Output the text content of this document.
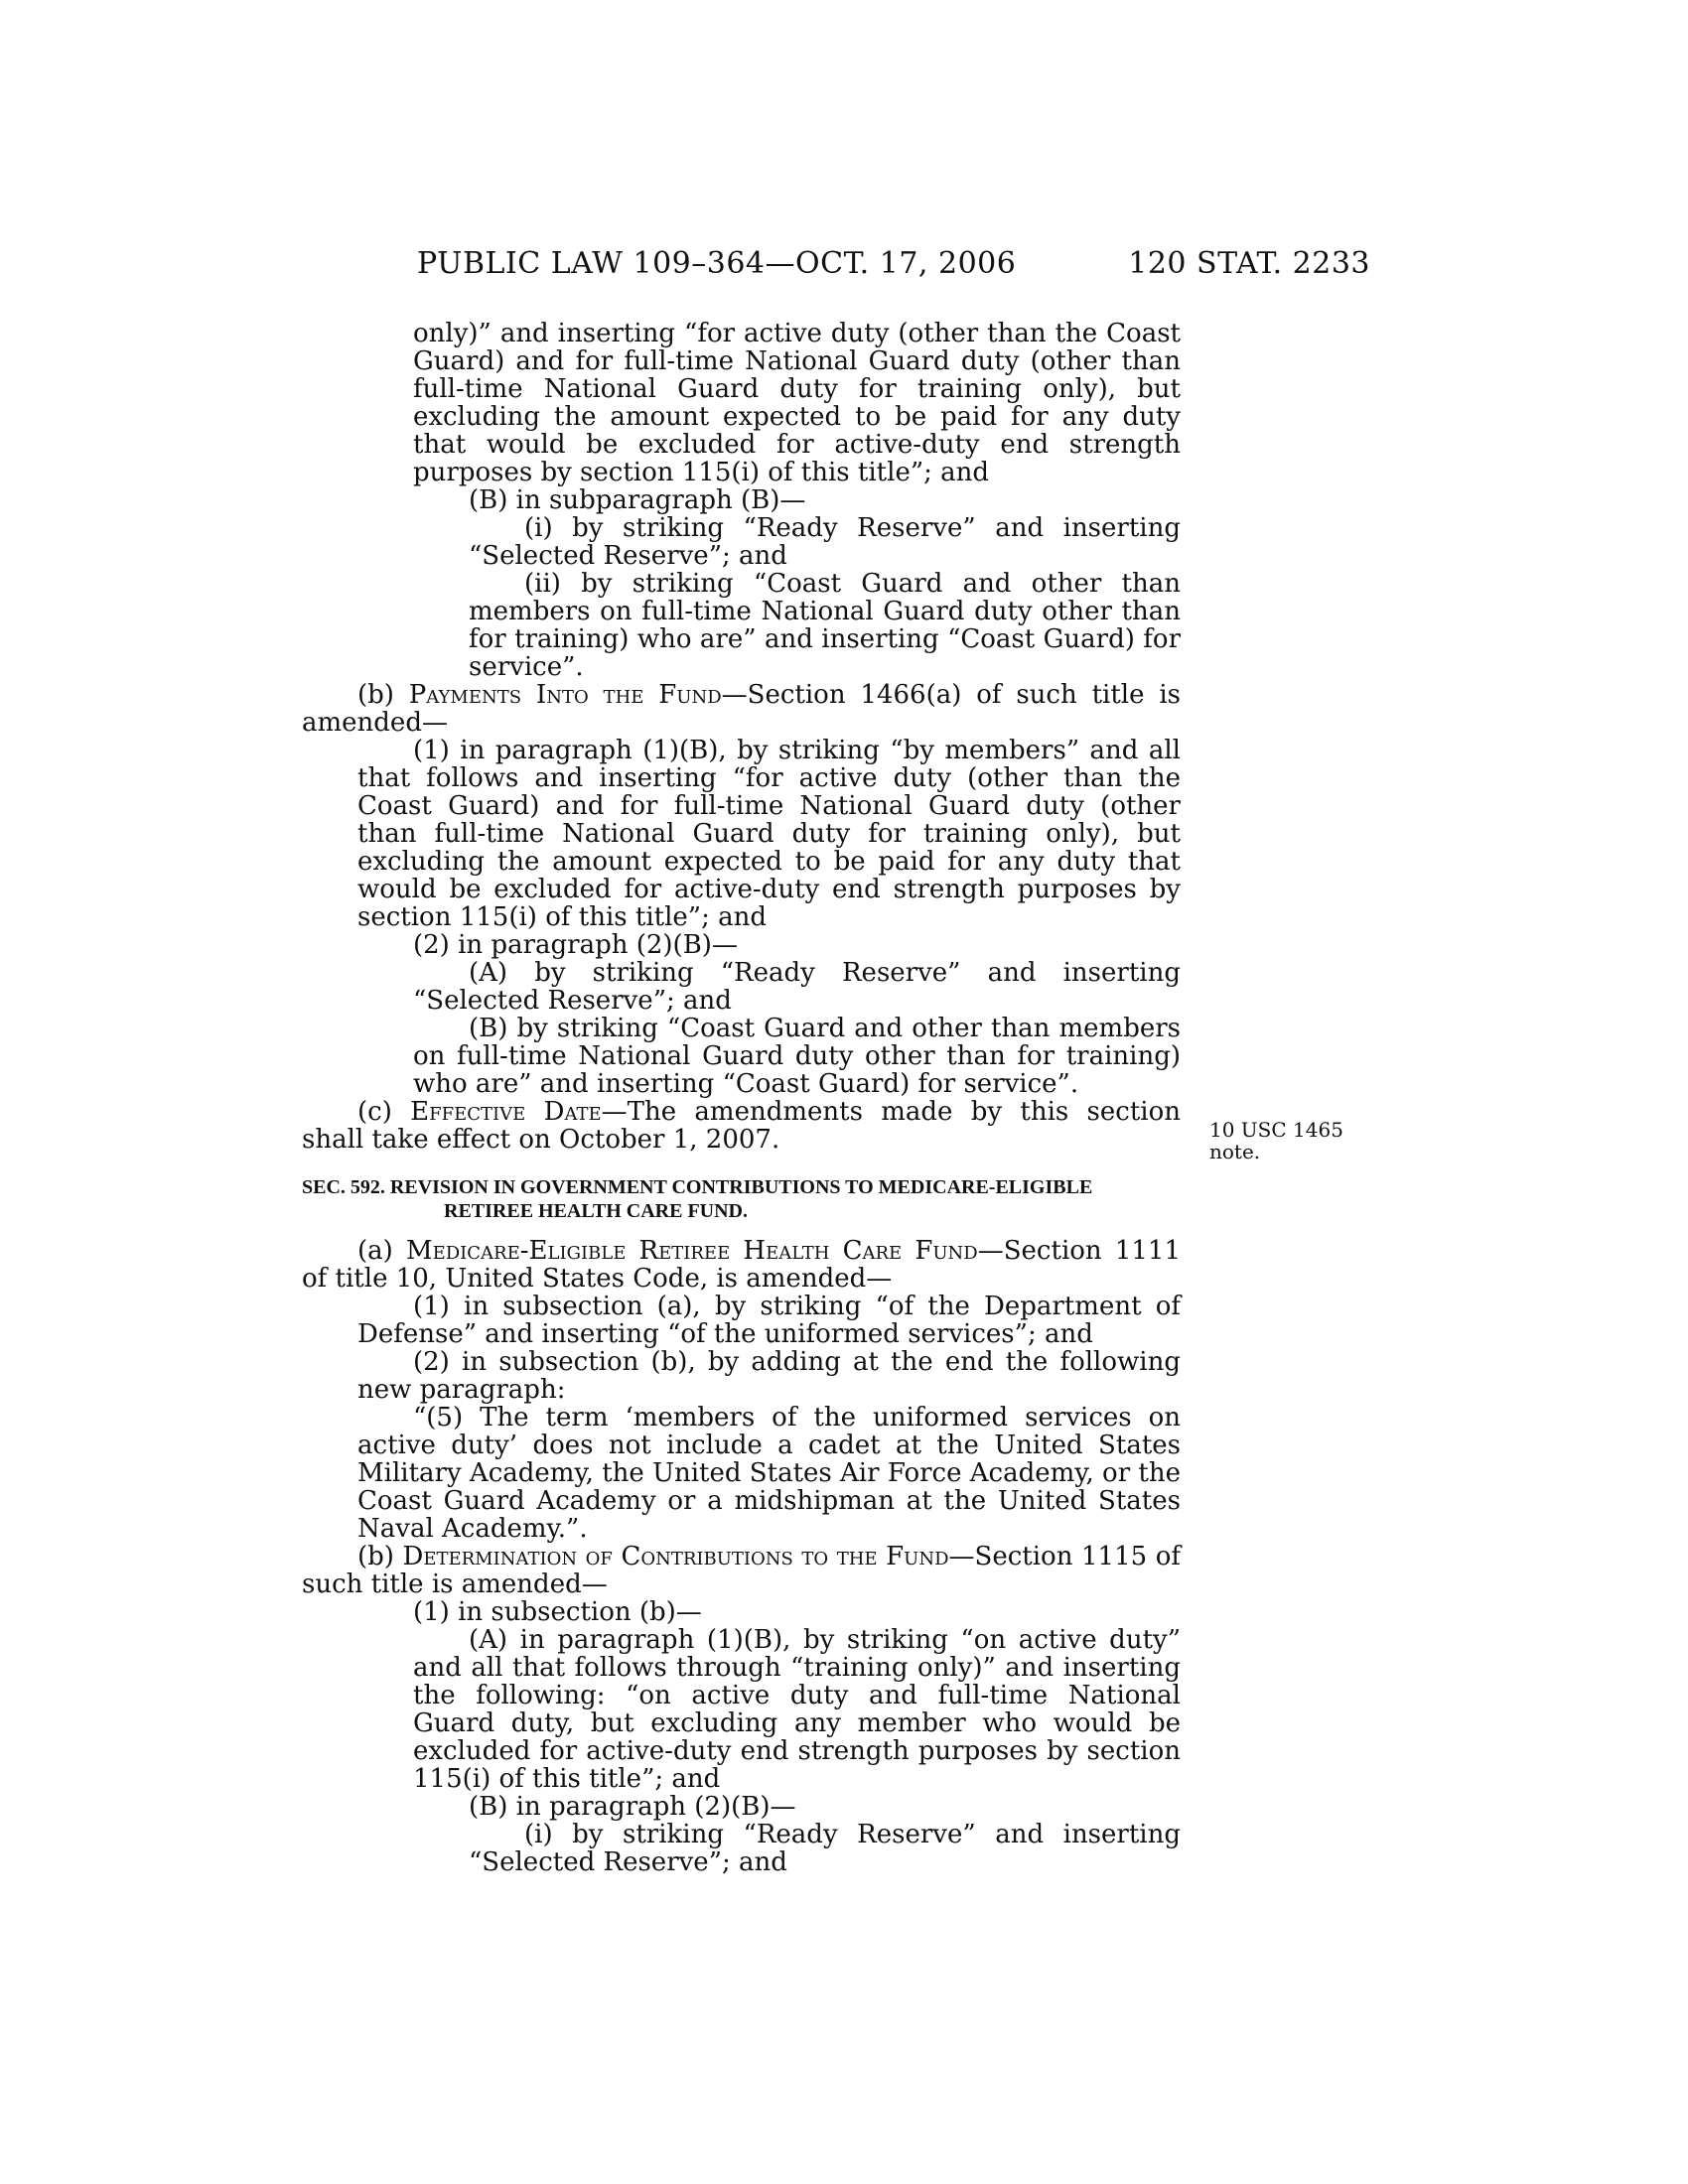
PUBLIC LAW 109–364—OCT. 17, 2006	120 STAT. 2233

only)” and inserting “for active duty (other than the Coast Guard) and for full-time National Guard duty (other than full-time National Guard duty for training only), but excluding the amount expected to be paid for any duty that would be excluded for active-duty end strength purposes by section 115(i) of this title”; and

(B) in subparagraph (B)—

(i) by striking “Ready Reserve” and inserting “Selected Reserve”; and

(ii) by striking “Coast Guard and other than members on full-time National Guard duty other than for training) who are” and inserting “Coast Guard) for service”.

(b) Payments Into the Fund—Section 1466(a) of such title is amended—

(1) in paragraph (1)(B), by striking “by members” and all that follows and inserting “for active duty (other than the Coast Guard) and for full-time National Guard duty (other than full-time National Guard duty for training only), but excluding the amount expected to be paid for any duty that would be excluded for active-duty end strength purposes by section 115(i) of this title”; and

(2) in paragraph (2)(B)—

(A) by striking “Ready Reserve” and inserting “Selected Reserve”; and

(B) by striking “Coast Guard and other than members on full-time National Guard duty other than for training) who are” and inserting “Coast Guard) for service”.

(c) Effective Date—The amendments made by this section shall take effect on October 1, 2007.

SEC. 592. REVISION IN GOVERNMENT CONTRIBUTIONS TO MEDICARE-ELIGIBLE RETIREE HEALTH CARE FUND.

(a) Medicare-Eligible Retiree Health Care Fund—Section 1111 of title 10, United States Code, is amended—

(1) in subsection (a), by striking “of the Department of Defense” and inserting “of the uniformed services”; and

(2) in subsection (b), by adding at the end the following new paragraph:

“(5) The term ‘members of the uniformed services on active duty’ does not include a cadet at the United States Military Academy, the United States Air Force Academy, or the Coast Guard Academy or a midshipman at the United States Naval Academy.”.

(b) Determination of Contributions to the Fund—Section 1115 of such title is amended—

(1) in subsection (b)—

(A) in paragraph (1)(B), by striking “on active duty” and all that follows through “training only)” and inserting the following: “on active duty and full-time National Guard duty, but excluding any member who would be excluded for active-duty end strength purposes by section 115(i) of this title”; and

(B) in paragraph (2)(B)—

(i) by striking “Ready Reserve” and inserting “Selected Reserve”; and

10 USC 1465
note.
